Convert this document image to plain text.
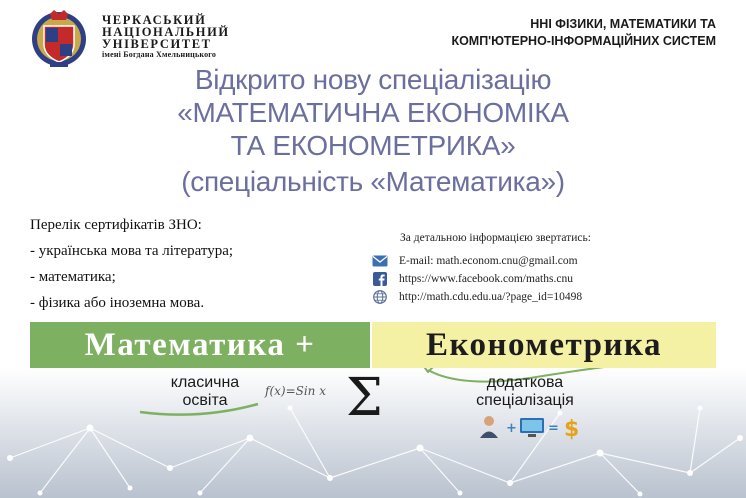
ЧЕРКАСЬКИЙ
НАЦІОНАЛЬНИЙ
УНІВЕРСИТЕТ
імені Богдана Хмельницького
ННІ ФІЗИКИ, МАТЕМАТИКИ ТА
КОМП'ЮТЕРНО-ІНФОРМАЦІЙНИХ СИСТЕМ
Відкрито нову спеціалізацію
«МАТЕМАТИЧНА ЕКОНОМІКА
ТА ЕКОНОМЕТРИКА»
(спеціальність «Математика»)
Перелік сертифікатів ЗНО:
- українська мова та література;
- математика;
- фізика або іноземна мова.
За детальною інформацією звертатись:
E-mail: math.econom.cnu@gmail.com
https://www.facebook.com/maths.cnu
http://math.cdu.edu.ua/?page_id=10498
Математика +	Економетрика
класична
освіта
f(x)=Sin x Σ	додаткова
спеціалізація
+ = $
